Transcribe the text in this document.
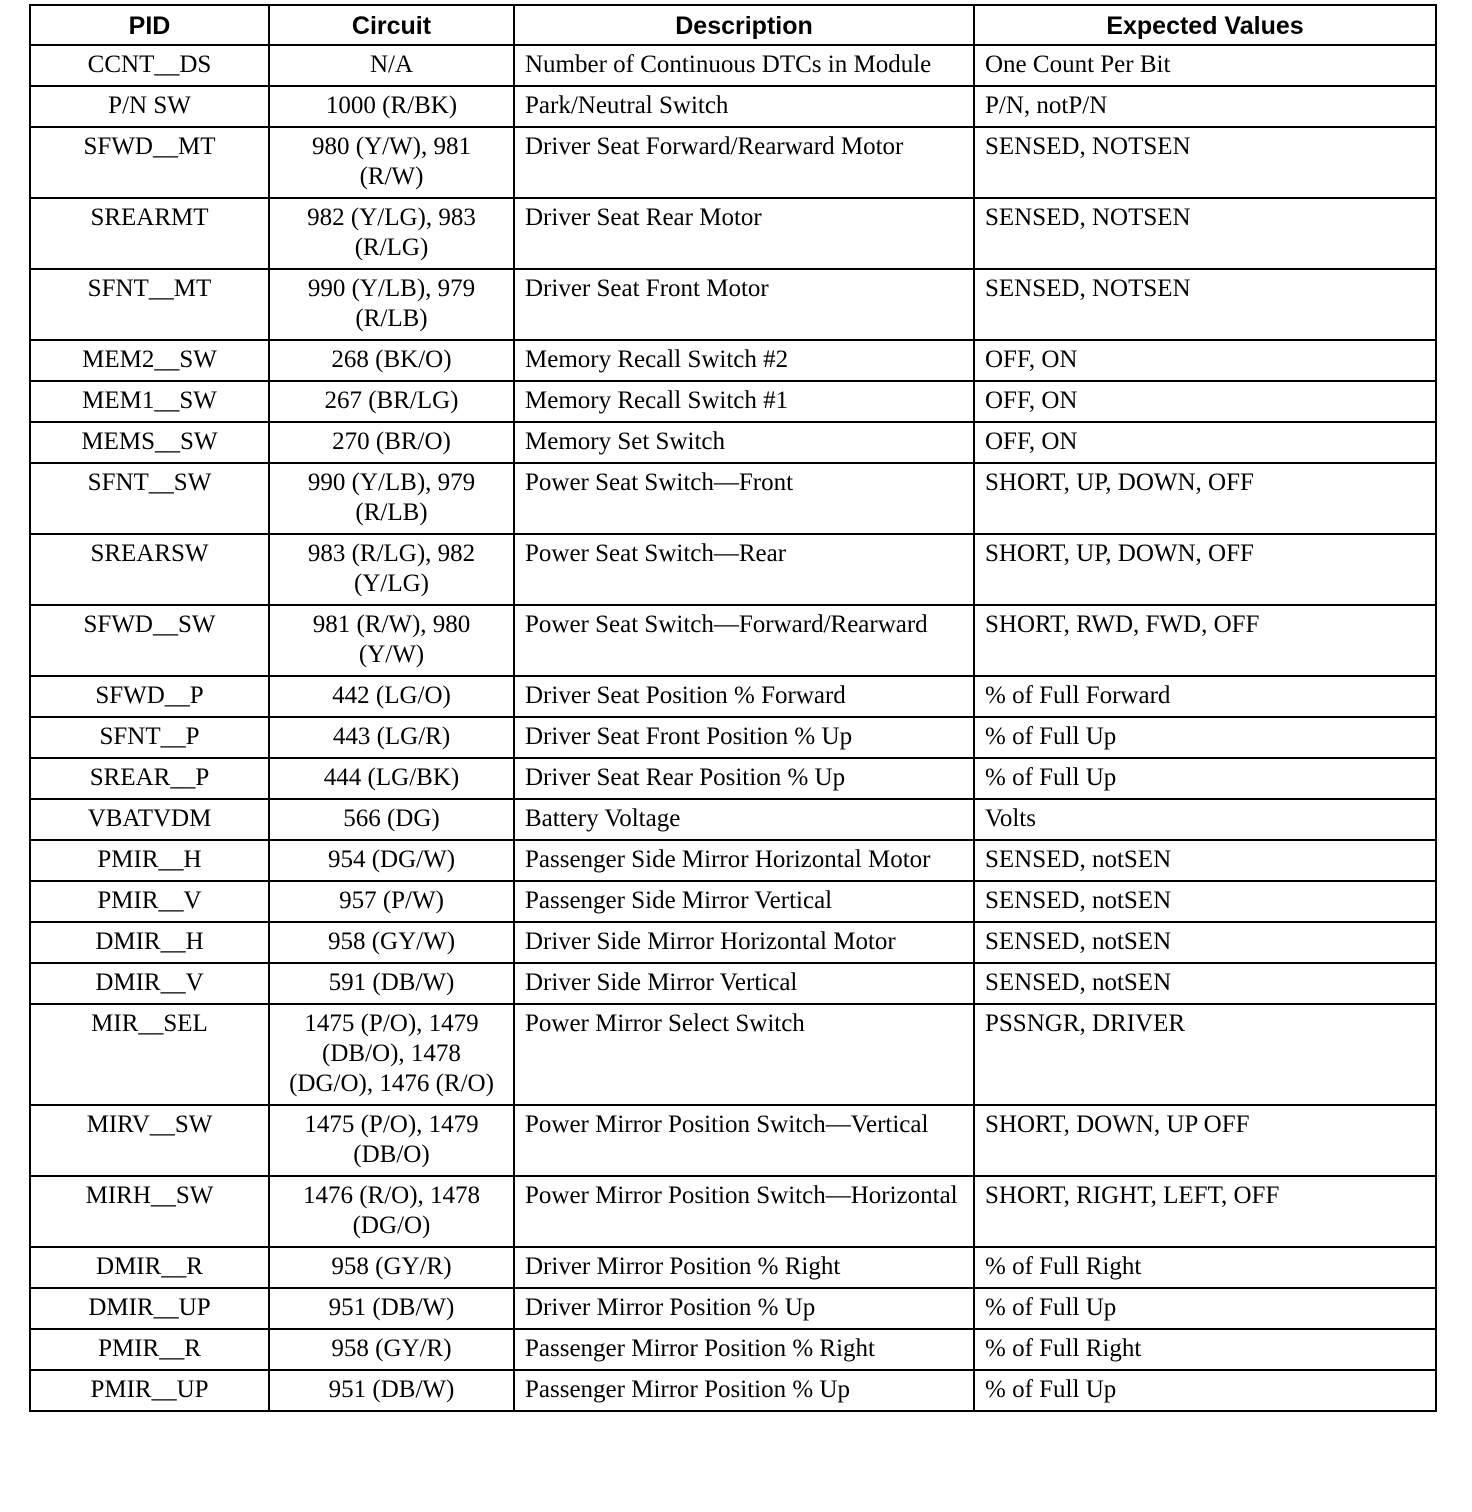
PID	Circuit	Description	Expected Values
CCNT__DS	N/A	Number of Continuous DTCs in Module	One Count Per Bit
P/N SW	1000 (R/BK)	Park/Neutral Switch	P/N, notP/N
SFWD__MT	980 (Y/W), 981 (R/W)	Driver Seat Forward/Rearward Motor	SENSED, NOTSEN
SREARMT	982 (Y/LG), 983 (R/LG)	Driver Seat Rear Motor	SENSED, NOTSEN
SFNT__MT	990 (Y/LB), 979 (R/LB)	Driver Seat Front Motor	SENSED, NOTSEN
MEM2__SW	268 (BK/O)	Memory Recall Switch #2	OFF, ON
MEM1__SW	267 (BR/LG)	Memory Recall Switch #1	OFF, ON
MEMS__SW	270 (BR/O)	Memory Set Switch	OFF, ON
SFNT__SW	990 (Y/LB), 979 (R/LB)	Power Seat Switch—Front	SHORT, UP, DOWN, OFF
SREARSW	983 (R/LG), 982 (Y/LG)	Power Seat Switch—Rear	SHORT, UP, DOWN, OFF
SFWD__SW	981 (R/W), 980 (Y/W)	Power Seat Switch—Forward/Rearward	SHORT, RWD, FWD, OFF
SFWD__P	442 (LG/O)	Driver Seat Position % Forward	% of Full Forward
SFNT__P	443 (LG/R)	Driver Seat Front Position % Up	% of Full Up
SREAR__P	444 (LG/BK)	Driver Seat Rear Position % Up	% of Full Up
VBATVDM	566 (DG)	Battery Voltage	Volts
PMIR__H	954 (DG/W)	Passenger Side Mirror Horizontal Motor	SENSED, notSEN
PMIR__V	957 (P/W)	Passenger Side Mirror Vertical	SENSED, notSEN
DMIR__H	958 (GY/W)	Driver Side Mirror Horizontal Motor	SENSED, notSEN
DMIR__V	591 (DB/W)	Driver Side Mirror Vertical	SENSED, notSEN
MIR__SEL	1475 (P/O), 1479 (DB/O), 1478 (DG/O), 1476 (R/O)	Power Mirror Select Switch	PSSNGR, DRIVER
MIRV__SW	1475 (P/O), 1479 (DB/O)	Power Mirror Position Switch—Vertical	SHORT, DOWN, UP OFF
MIRH__SW	1476 (R/O), 1478 (DG/O)	Power Mirror Position Switch—Horizontal	SHORT, RIGHT, LEFT, OFF
DMIR__R	958 (GY/R)	Driver Mirror Position % Right	% of Full Right
DMIR__UP	951 (DB/W)	Driver Mirror Position % Up	% of Full Up
PMIR__R	958 (GY/R)	Passenger Mirror Position % Right	% of Full Right
PMIR__UP	951 (DB/W)	Passenger Mirror Position % Up	% of Full Up
